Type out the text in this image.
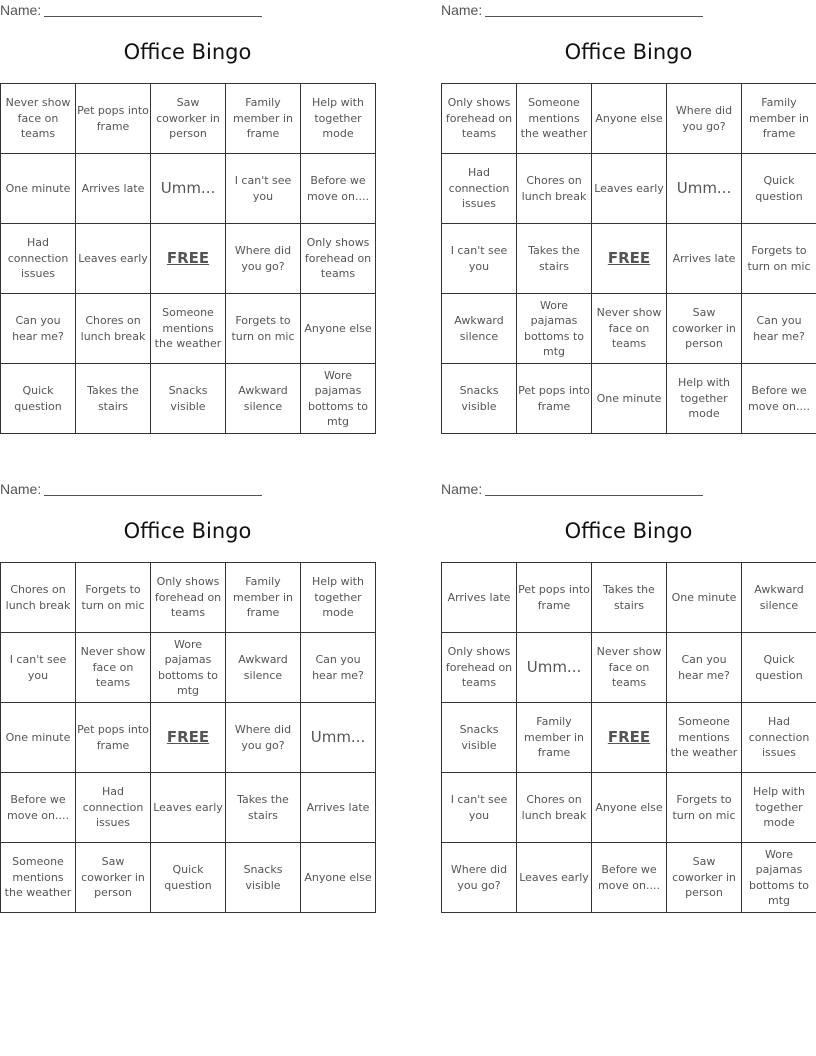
Name:
Office Bingo
Never show face on teams	Pet pops into frame	Saw coworker in person	Family member in frame	Help with together mode
One minute	Arrives late	Umm...	I can't see you	Before we move on....
Had connection issues	Leaves early	FREE	Where did you go?	Only shows forehead on teams
Can you hear me?	Chores on lunch break	Someone mentions the weather	Forgets to turn on mic	Anyone else
Quick question	Takes the stairs	Snacks visible	Awkward silence	Wore pajamas bottoms to mtg
Name:
Office Bingo
Only shows forehead on teams	Someone mentions the weather	Anyone else	Where did you go?	Family member in frame
Had connection issues	Chores on lunch break	Leaves early	Umm...	Quick question
I can't see you	Takes the stairs	FREE	Arrives late	Forgets to turn on mic
Awkward silence	Wore pajamas bottoms to mtg	Never show face on teams	Saw coworker in person	Can you hear me?
Snacks visible	Pet pops into frame	One minute	Help with together mode	Before we move on....
Name:
Office Bingo
Chores on lunch break	Forgets to turn on mic	Only shows forehead on teams	Family member in frame	Help with together mode
I can't see you	Never show face on teams	Wore pajamas bottoms to mtg	Awkward silence	Can you hear me?
One minute	Pet pops into frame	FREE	Where did you go?	Umm...
Before we move on....	Had connection issues	Leaves early	Takes the stairs	Arrives late
Someone mentions the weather	Saw coworker in person	Quick question	Snacks visible	Anyone else
Name:
Office Bingo
Arrives late	Pet pops into frame	Takes the stairs	One minute	Awkward silence
Only shows forehead on teams	Umm...	Never show face on teams	Can you hear me?	Quick question
Snacks visible	Family member in frame	FREE	Someone mentions the weather	Had connection issues
I can't see you	Chores on lunch break	Anyone else	Forgets to turn on mic	Help with together mode
Where did you go?	Leaves early	Before we move on....	Saw coworker in person	Wore pajamas bottoms to mtg
